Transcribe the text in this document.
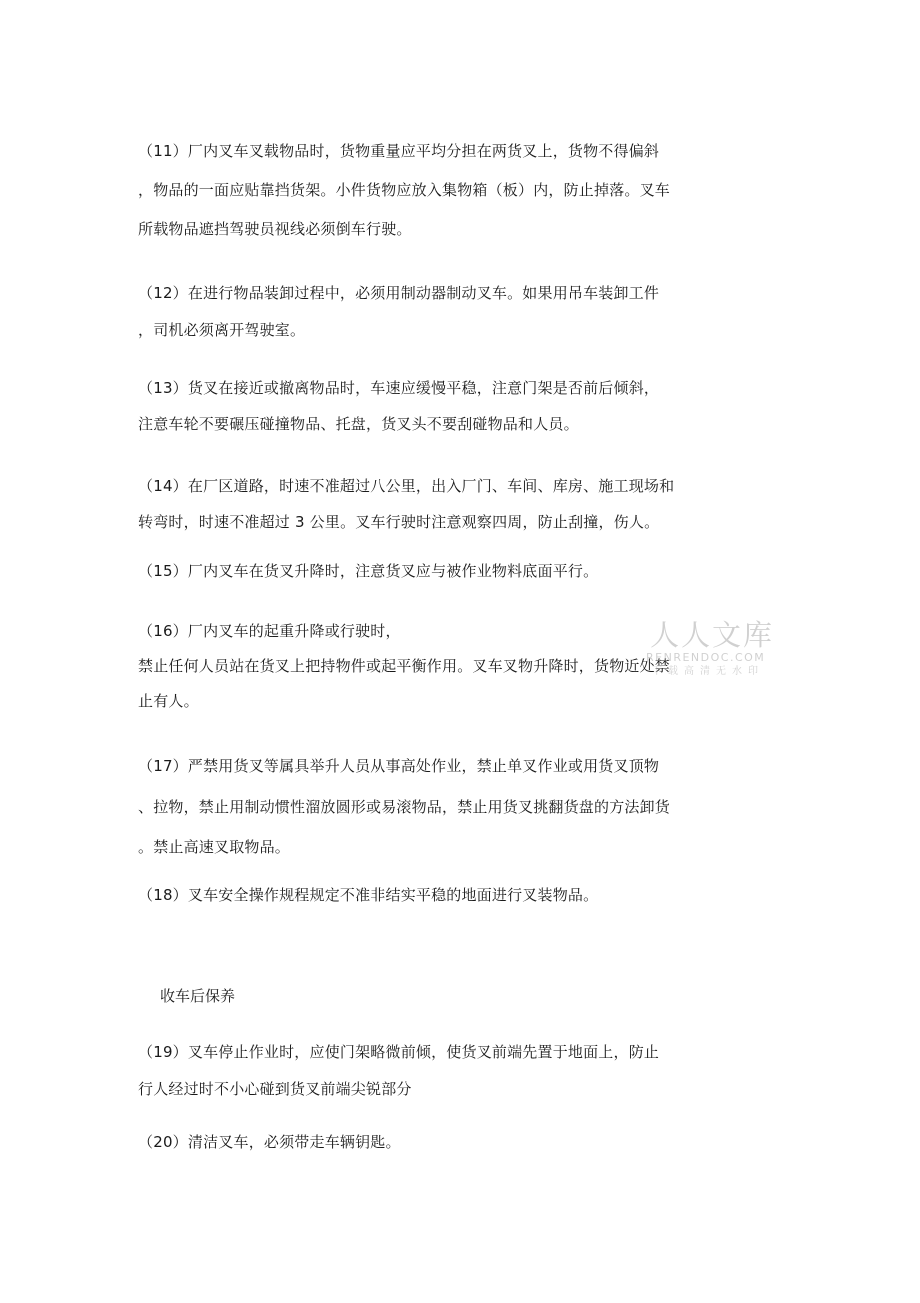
（11）厂内叉车叉载物品时，货物重量应平均分担在两货叉上，货物不得偏斜
，物品的一面应贴靠挡货架。小件货物应放入集物箱（板）内，防止掉落。叉车
所载物品遮挡驾驶员视线必须倒车行驶。
（12）在进行物品装卸过程中，必须用制动器制动叉车。如果用吊车装卸工件
，司机必须离开驾驶室。
（13）货叉在接近或撤离物品时，车速应缓慢平稳，注意门架是否前后倾斜，
注意车轮不要碾压碰撞物品、托盘，货叉头不要刮碰物品和人员。
（14）在厂区道路，时速不准超过八公里，出入厂门、车间、库房、施工现场和
转弯时，时速不准超过 3 公里。叉车行驶时注意观察四周，防止刮撞，伤人。
（15）厂内叉车在货叉升降时，注意货叉应与被作业物料底面平行。
（16）厂内叉车的起重升降或行驶时，
禁止任何人员站在货叉上把持物件或起平衡作用。叉车叉物升降时，货物近处禁
止有人。
（17）严禁用货叉等属具举升人员从事高处作业，禁止单叉作业或用货叉顶物
、拉物，禁止用制动惯性溜放圆形或易滚物品，禁止用货叉挑翻货盘的方法卸货
。禁止高速叉取物品。
（18）叉车安全操作规程规定不准非结实平稳的地面进行叉装物品。
收车后保养
（19）叉车停止作业时，应使门架略微前倾，使货叉前端先置于地面上，防止
行人经过时不小心碰到货叉前端尖锐部分
（20）清洁叉车，必须带走车辆钥匙。
人人文库
RENRENDOC.COM
下载高清无水印
